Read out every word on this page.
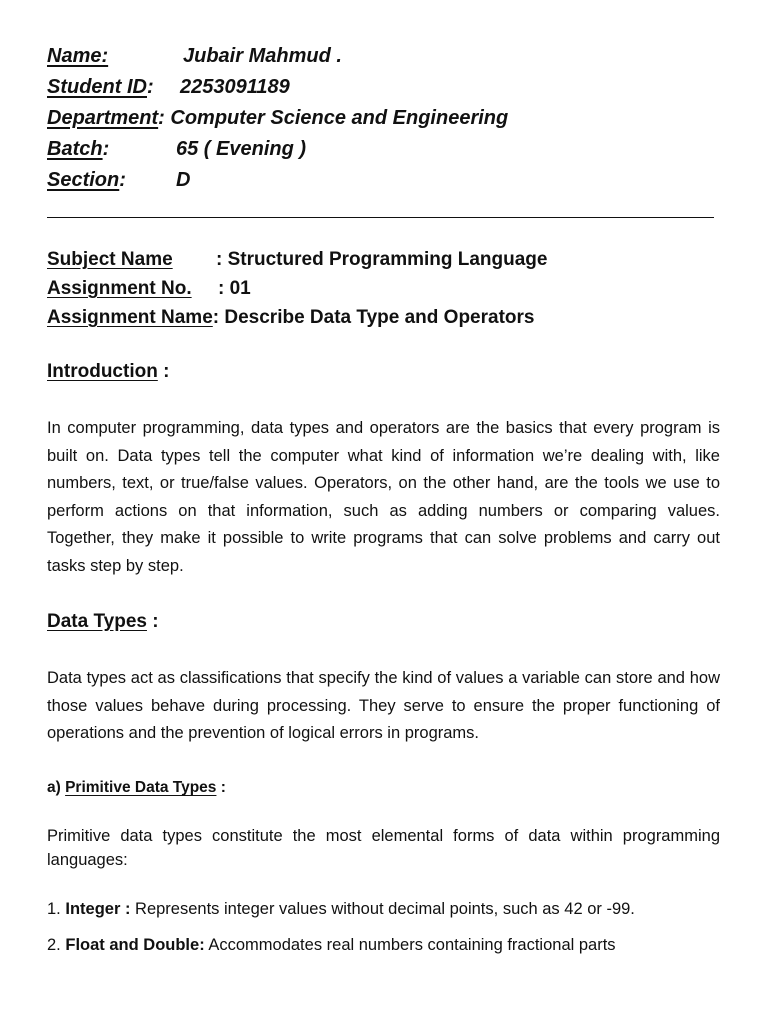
Name:	Jubair Mahmud .
Student ID: 2253091189
Department: Computer Science and Engineering
Batch:	65 ( Evening )
Section:	D
Subject Name : Structured Programming Language
Assignment No. : 01
Assignment Name: Describe Data Type and Operators
Introduction :
In computer programming, data types and operators are the basics that every program is built on. Data types tell the computer what kind of information we’re dealing with, like numbers, text, or true/false values. Operators, on the other hand, are the tools we use to perform actions on that information, such as adding numbers or comparing values. Together, they make it possible to write programs that can solve problems and carry out tasks step by step.
Data Types :
Data types act as classifications that specify the kind of values a variable can store and how those values behave during processing. They serve to ensure the proper functioning of operations and the prevention of logical errors in programs.
a) Primitive Data Types :
Primitive data types constitute the most elemental forms of data within programming languages:
1. Integer : Represents integer values without decimal points, such as 42 or -99.
2. Float and Double: Accommodates real numbers containing fractional parts
